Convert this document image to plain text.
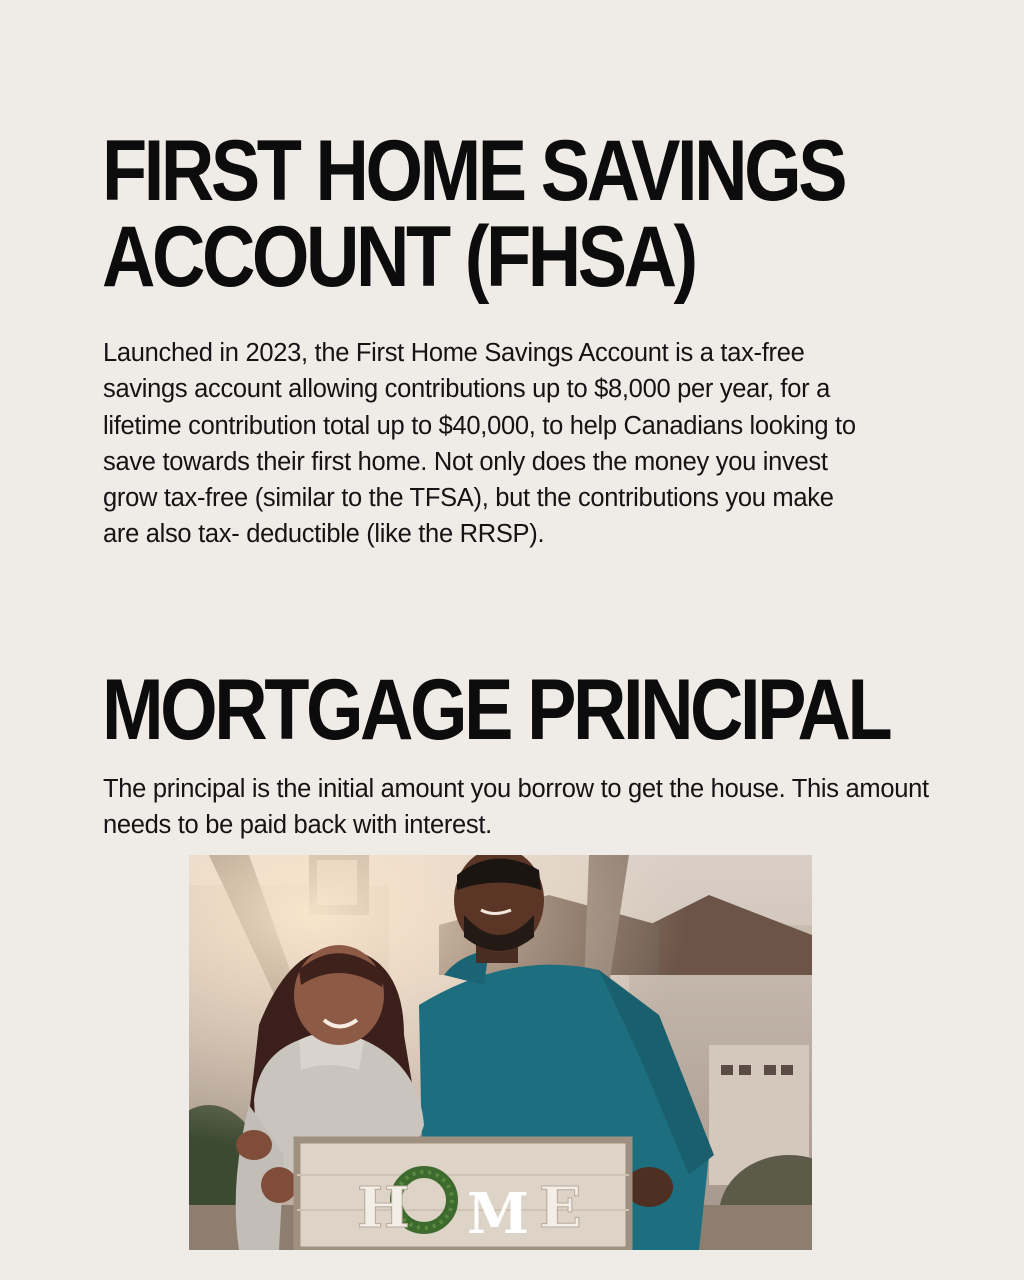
FIRST HOME SAVINGS
ACCOUNT (FHSA)

Launched in 2023, the First Home Savings Account is a tax-free savings account allowing contributions up to $8,000 per year, for a lifetime contribution total up to $40,000, to help Canadians looking to save towards their first home. Not only does the money you invest grow tax-free (similar to the TFSA), but the contributions you make are also tax- deductible (like the RRSP).

MORTGAGE PRINCIPAL

The principal is the initial amount you borrow to get the house. This amount needs to be paid back with interest.

H M E
